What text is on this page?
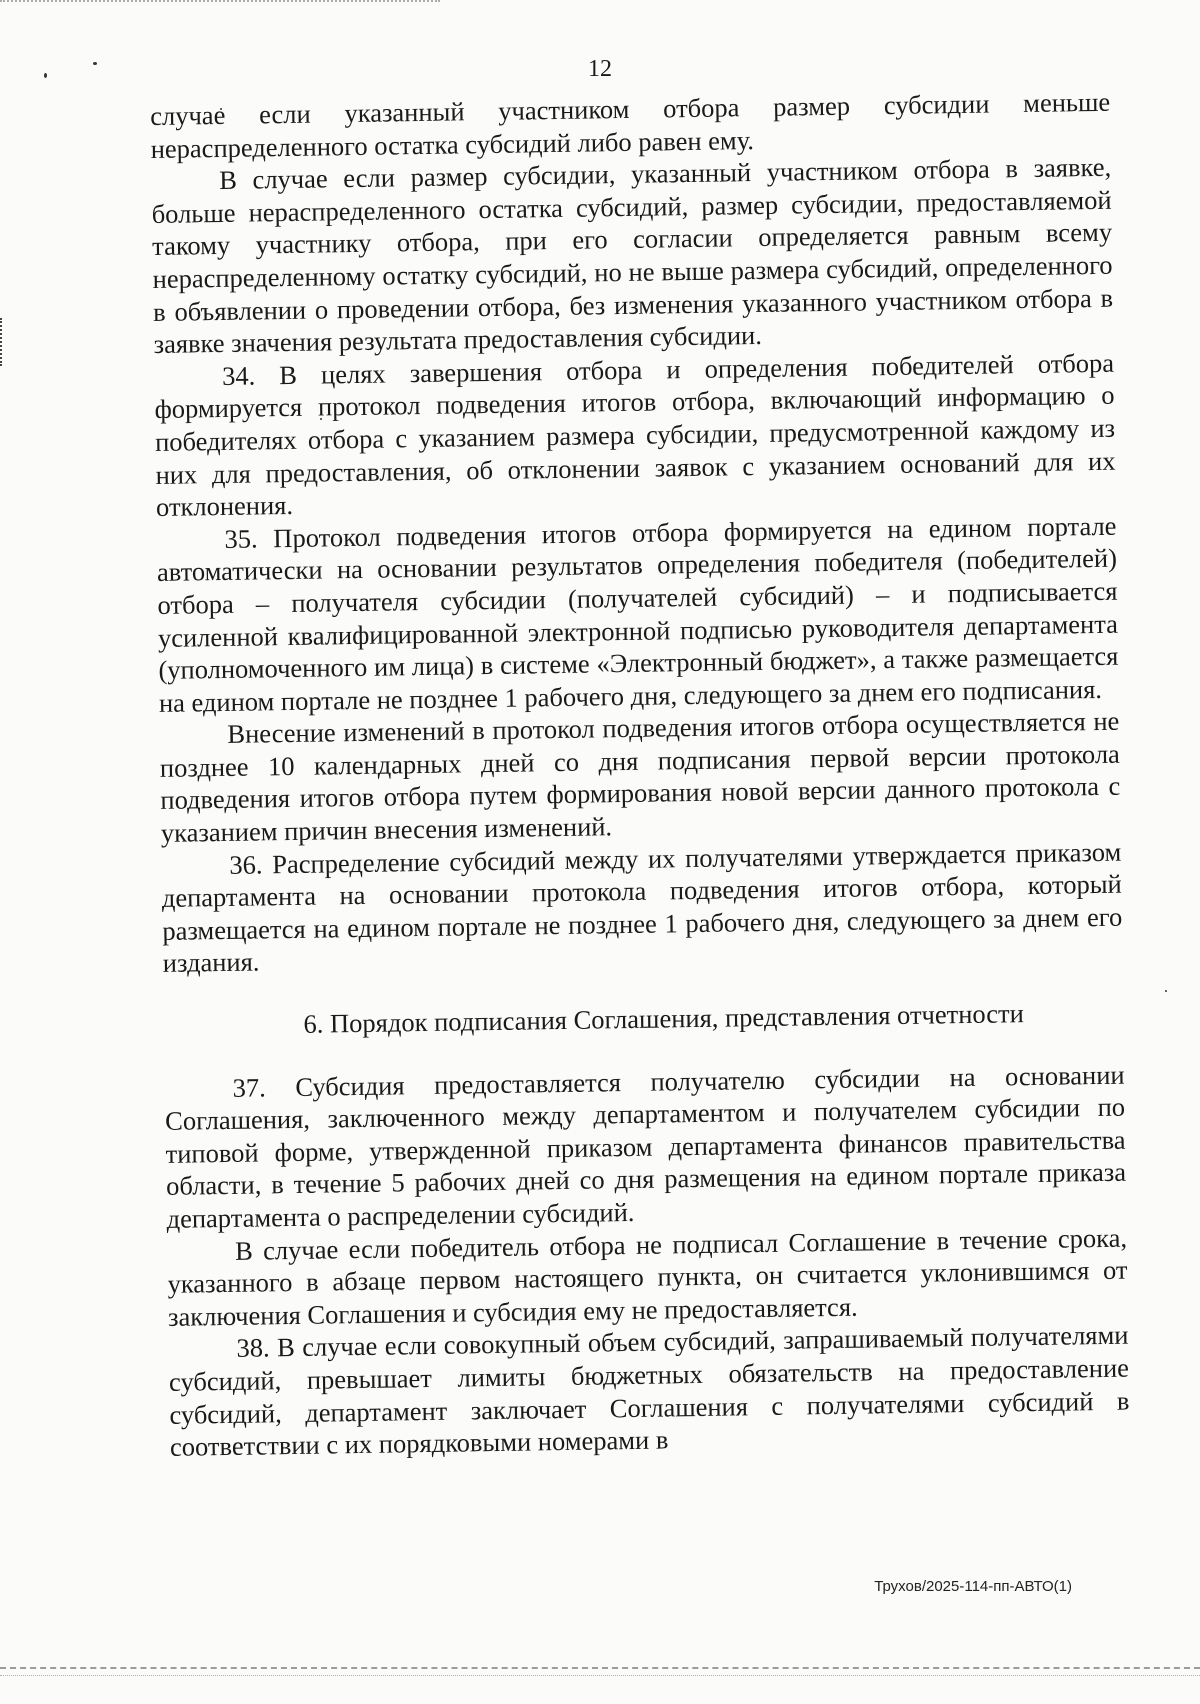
12

случае если указанный участником отбора размер субсидии меньше нераспределенного остатка субсидий либо равен ему.

В случае если размер субсидии, указанный участником отбора в заявке, больше нераспределенного остатка субсидий, размер субсидии, предоставляемой такому участнику отбора, при его согласии определяется равным всему нераспределенному остатку субсидий, но не выше размера субсидий, определенного в объявлении о проведении отбора, без изменения указанного участником отбора в заявке значения результата предоставления субсидии.

34. В целях завершения отбора и определения победителей отбора формируется протокол подведения итогов отбора, включающий информацию о победителях отбора с указанием размера субсидии, предусмотренной каждому из них для предоставления, об отклонении заявок с указанием оснований для их отклонения.

35. Протокол подведения итогов отбора формируется на едином портале автоматически на основании результатов определения победителя (победителей) отбора – получателя субсидии (получателей субсидий) – и подписывается усиленной квалифицированной электронной подписью руководителя департамента (уполномоченного им лица) в системе «Электронный бюджет», а также размещается на едином портале не позднее 1 рабочего дня, следующего за днем его подписания.

Внесение изменений в протокол подведения итогов отбора осуществляется не позднее 10 календарных дней со дня подписания первой версии протокола подведения итогов отбора путем формирования новой версии данного протокола с указанием причин внесения изменений.

36. Распределение субсидий между их получателями утверждается приказом департамента на основании протокола подведения итогов отбора, который размещается на едином портале не позднее 1 рабочего дня, следующего за днем его издания.

6. Порядок подписания Соглашения, представления отчетности

37. Субсидия предоставляется получателю субсидии на основании Соглашения, заключенного между департаментом и получателем субсидии по типовой форме, утвержденной приказом департамента финансов правительства области, в течение 5 рабочих дней со дня размещения на едином портале приказа департамента о распределении субсидий.

В случае если победитель отбора не подписал Соглашение в течение срока, указанного в абзаце первом настоящего пункта, он считается уклонившимся от заключения Соглашения и субсидия ему не предоставляется.

38. В случае если совокупный объем субсидий, запрашиваемый получателями субсидий, превышает лимиты бюджетных обязательств на предоставление субсидий, департамент заключает Соглашения с получателями субсидий в соответствии с их порядковыми номерами в

Трухов/2025-114-пп-АВТО(1)
